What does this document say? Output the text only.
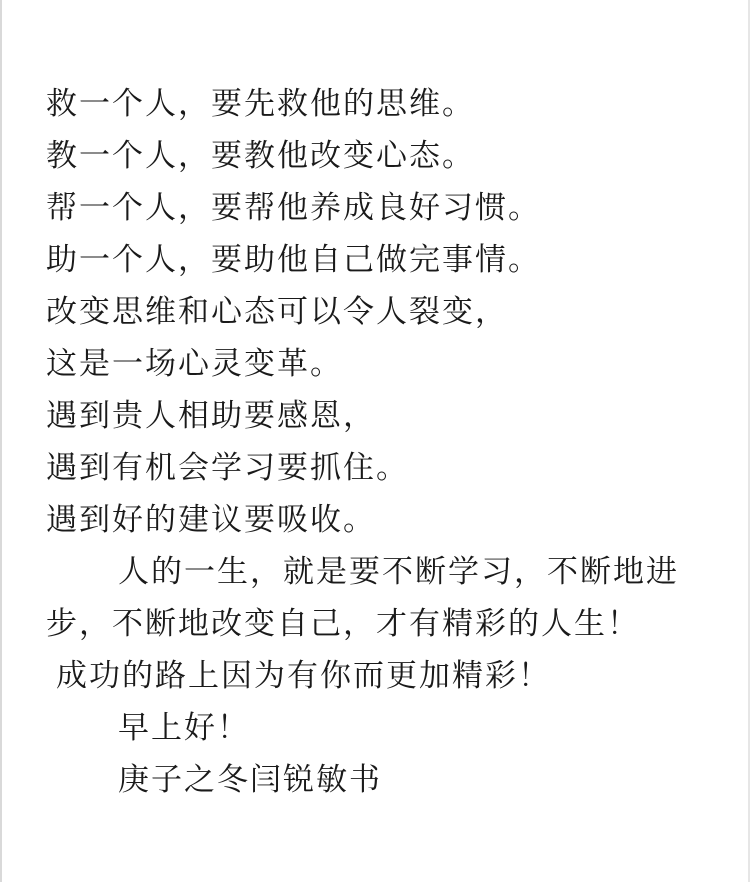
救一个人，要先救他的思维。
教一个人，要教他改变心态。
帮一个人，要帮他养成良好习惯。
助一个人，要助他自己做完事情。
改变思维和心态可以令人裂变，
这是一场心灵变革。
遇到贵人相助要感恩，
遇到有机会学习要抓住。
遇到好的建议要吸收。
人的一生，就是要不断学习，不断地进
步，不断地改变自己，才有精彩的人生！
成功的路上因为有你而更加精彩！
早上好！
庚子之冬闫锐敏书
